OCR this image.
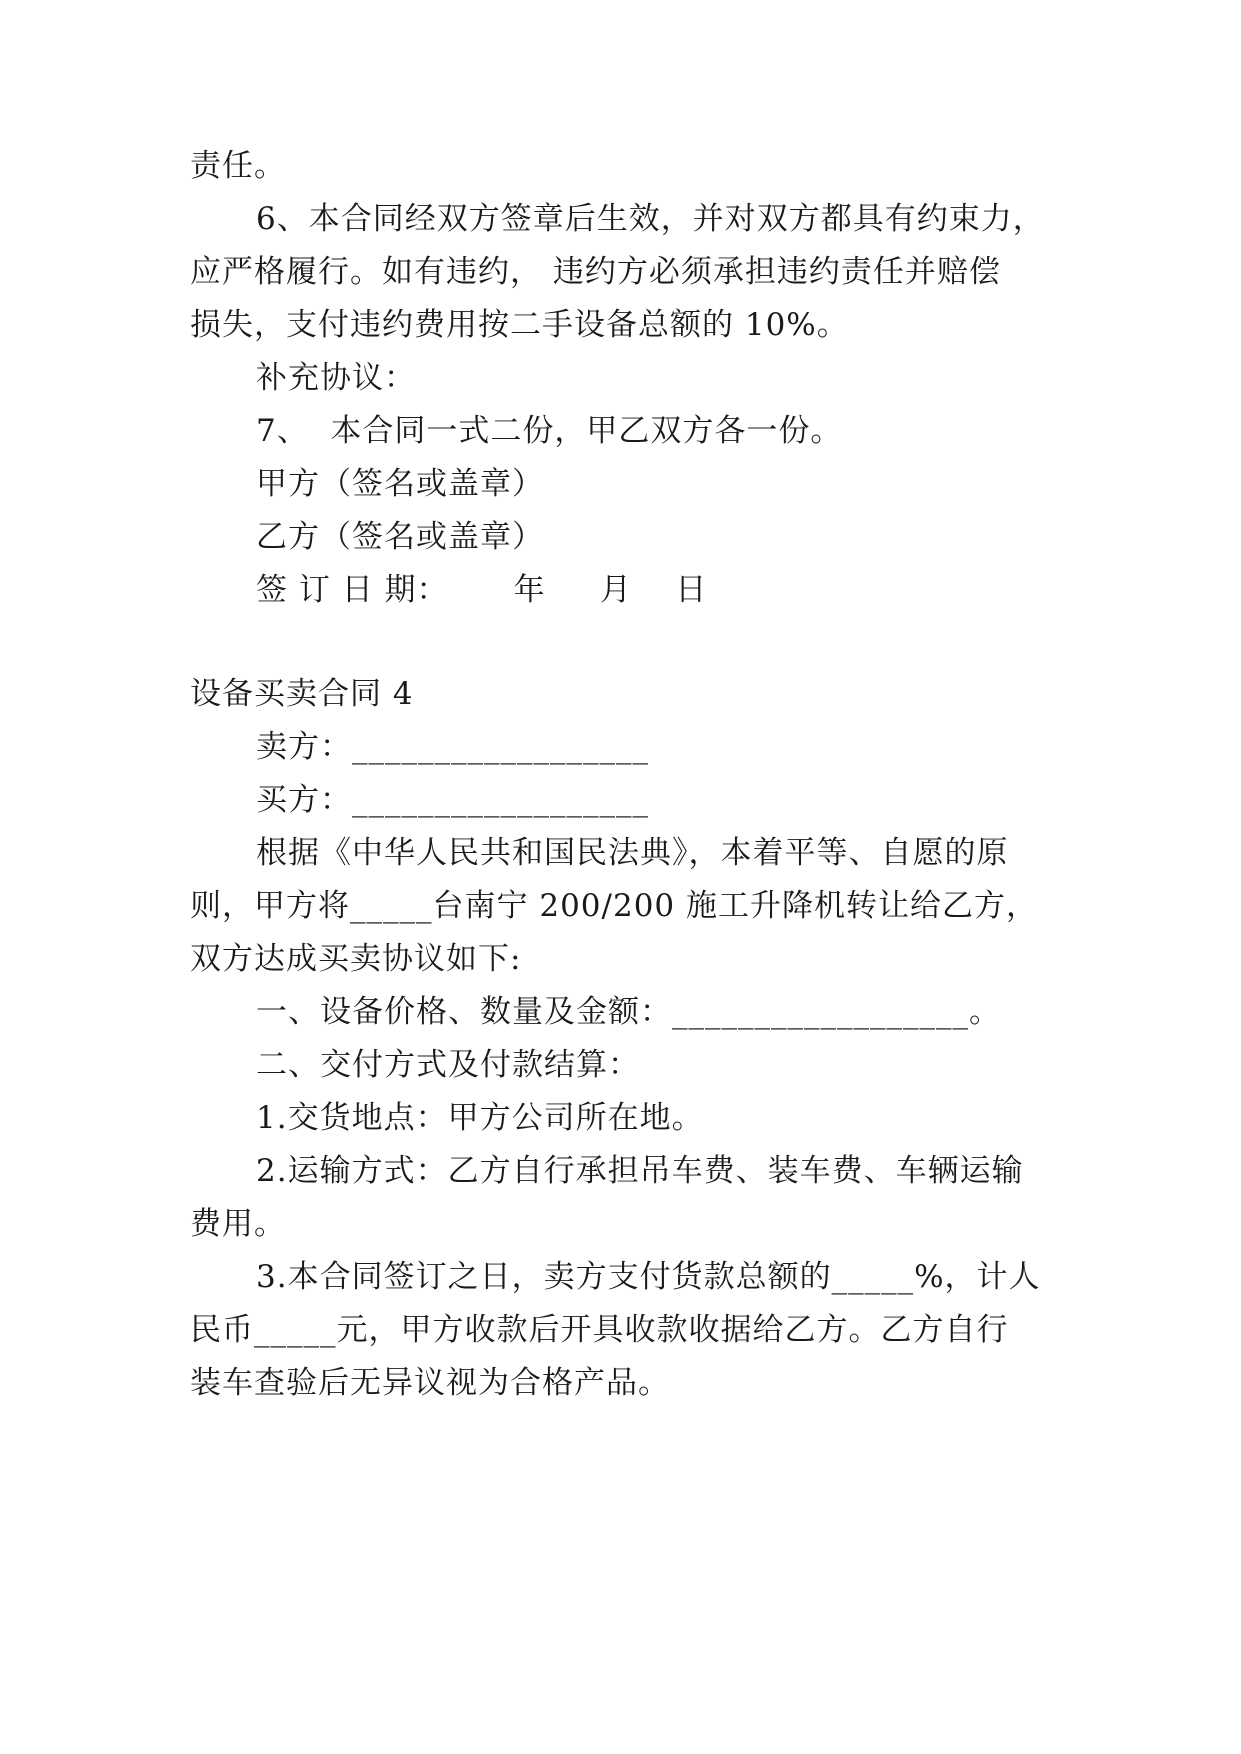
责任。
6、本合同经双方签章后生效，并对双方都具有约束力，
应严格履行。如有违约， 违约方必须承担违约责任并赔偿
损失，支付违约费用按二手设备总额的 10%。
补充协议：
7、  本合同一式二份，甲乙双方各一份。
甲方（签名或盖章）
乙方（签名或盖章）
签 订 日 期：      年     月    日
设备买卖合同 4
卖方：__________________
买方：__________________
根据《中华人民共和国民法典》，本着平等、自愿的原
则，甲方将_____台南宁 200/200 施工升降机转让给乙方，
双方达成买卖协议如下:
一、设备价格、数量及金额：__________________。
二、交付方式及付款结算：
1.交货地点：甲方公司所在地。
2.运输方式：乙方自行承担吊车费、装车费、车辆运输
费用。
3.本合同签订之日，卖方支付货款总额的_____%，计人
民币_____元，甲方收款后开具收款收据给乙方。乙方自行
装车查验后无异议视为合格产品。
